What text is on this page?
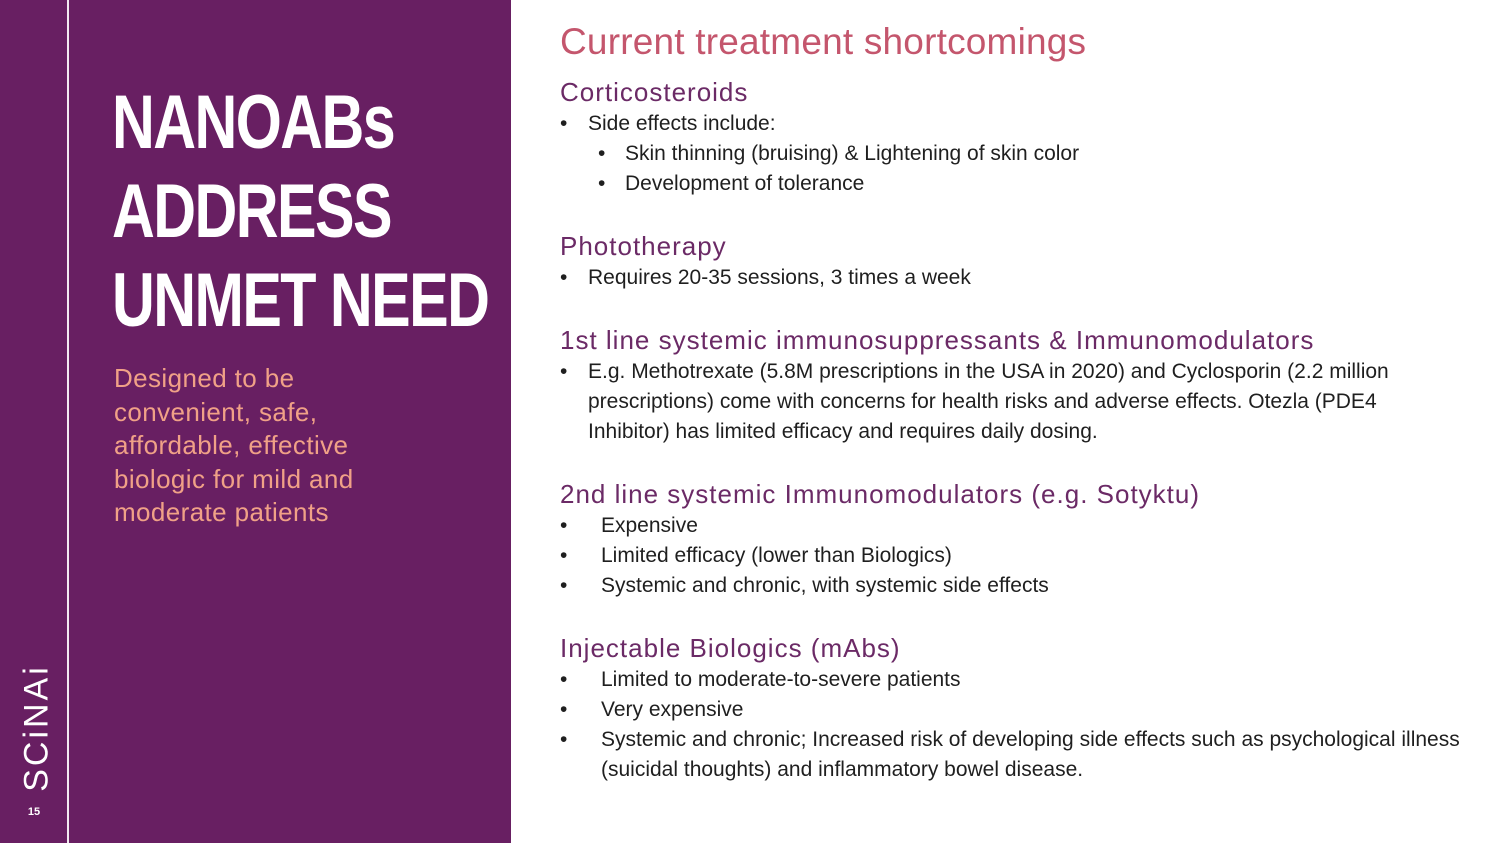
NANOABs
ADDRESS
UNMET NEED

Designed to be convenient, safe, affordable, effective biologic for mild and moderate patients

SCiNAi
15
Current treatment shortcomings
Corticosteroids
• Side effects include:
• Skin thinning (bruising) & Lightening of skin color
• Development of tolerance
Phototherapy
• Requires 20-35 sessions, 3 times a week
1st line systemic immunosuppressants & Immunomodulators
• E.g. Methotrexate (5.8M prescriptions in the USA in 2020) and Cyclosporin (2.2 million prescriptions) come with concerns for health risks and adverse effects. Otezla (PDE4 Inhibitor) has limited efficacy and requires daily dosing.
2nd line systemic Immunomodulators (e.g. Sotyktu)
• Expensive
• Limited efficacy (lower than Biologics)
• Systemic and chronic, with systemic side effects
Injectable Biologics (mAbs)
• Limited to moderate-to-severe patients
• Very expensive
• Systemic and chronic; Increased risk of developing side effects such as psychological illness (suicidal thoughts) and inflammatory bowel disease.
